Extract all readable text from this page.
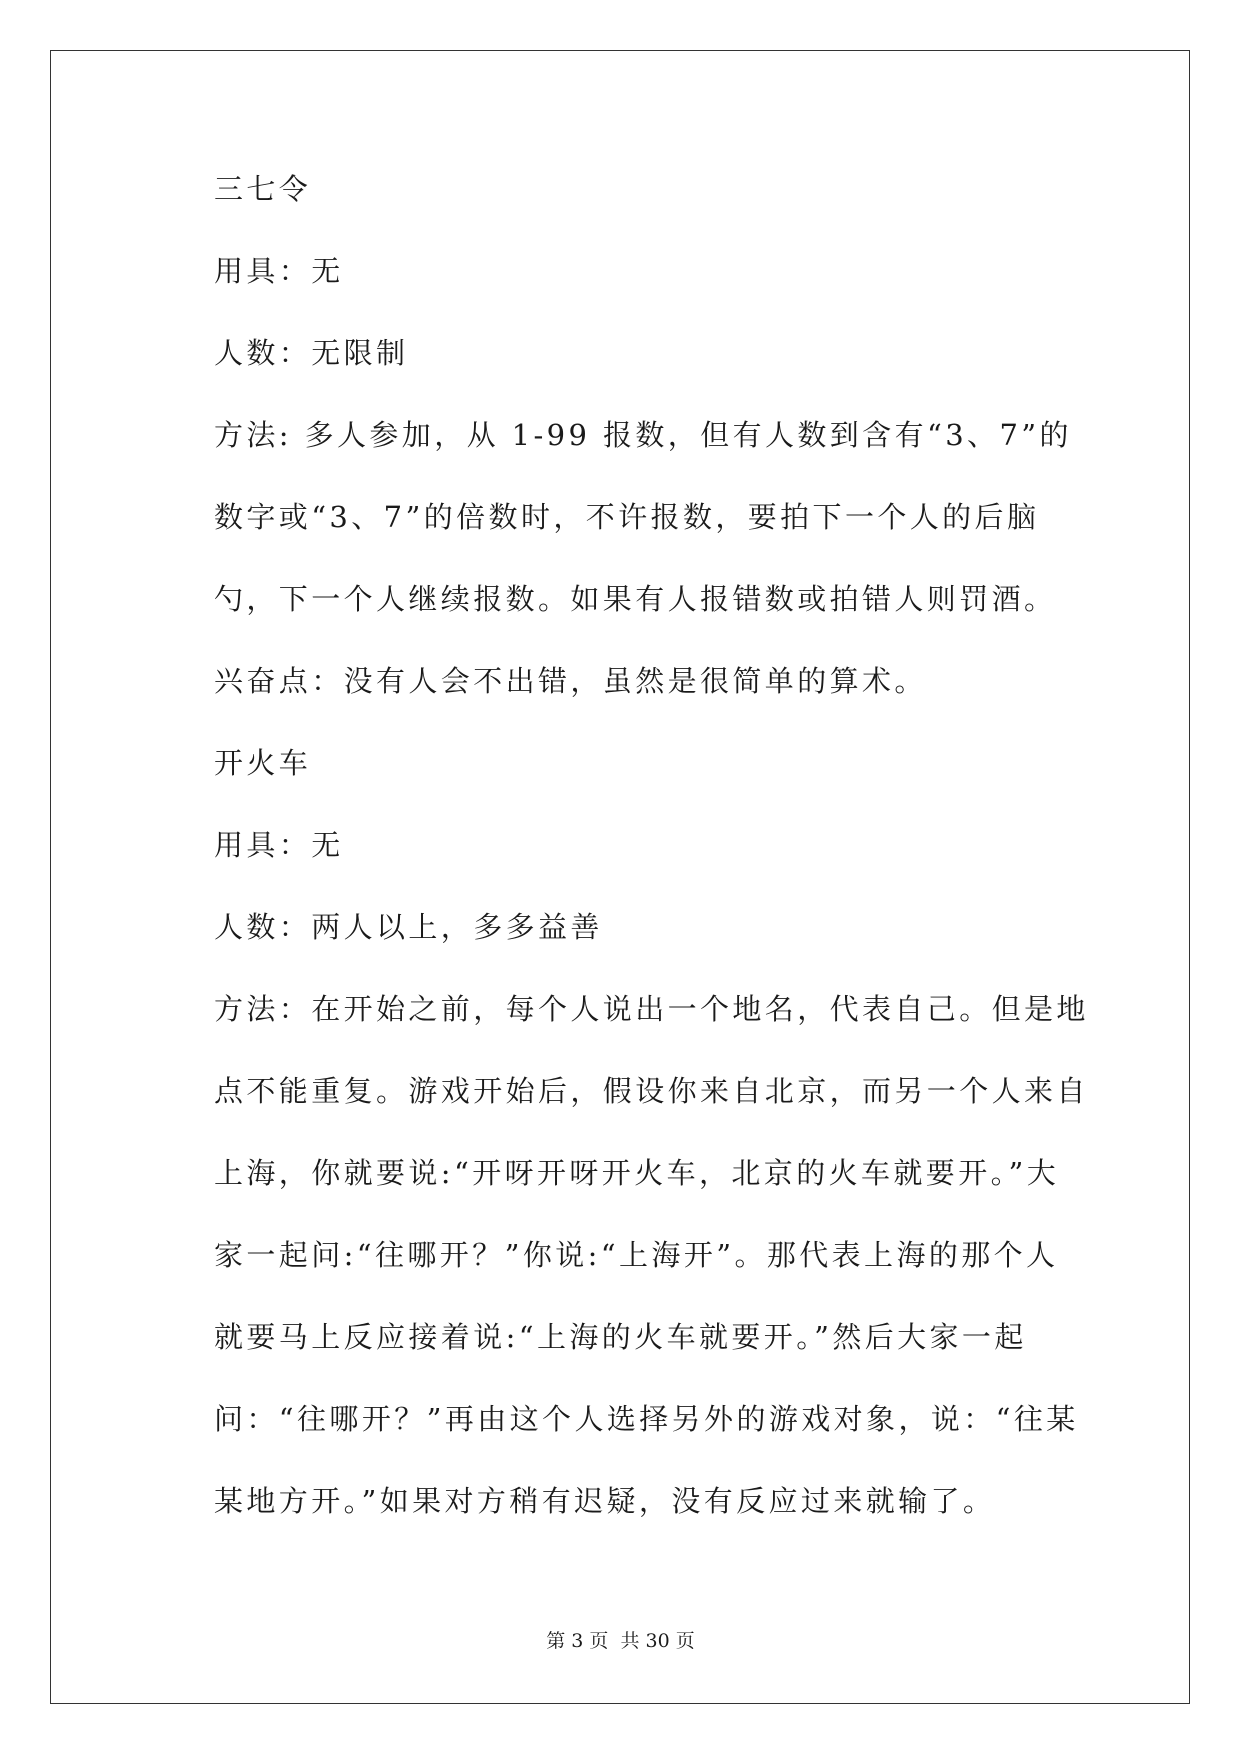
三七令

用具：无

人数：无限制

方法: 多人参加，从 1-99 报数，但有人数到含有“3、7”的数字或“3、7”的倍数时，不许报数，要拍下一个人的后脑勺，下一个人继续报数。如果有人报错数或拍错人则罚酒。

兴奋点：没有人会不出错，虽然是很简单的算术。

开火车

用具：无

人数：两人以上，多多益善

方法：在开始之前，每个人说出一个地名，代表自己。但是地点不能重复。游戏开始后，假设你来自北京，而另一个人来自上海，你就要说:“开呀开呀开火车，北京的火车就要开。”大家一起问:“往哪开？”你说:“上海开”。那代表上海的那个人就要马上反应接着说:“上海的火车就要开。”然后大家一起问：“往哪开？”再由这个人选择另外的游戏对象，说：“往某某地方开。”如果对方稍有迟疑，没有反应过来就输了。

第 3 页 共 30 页
